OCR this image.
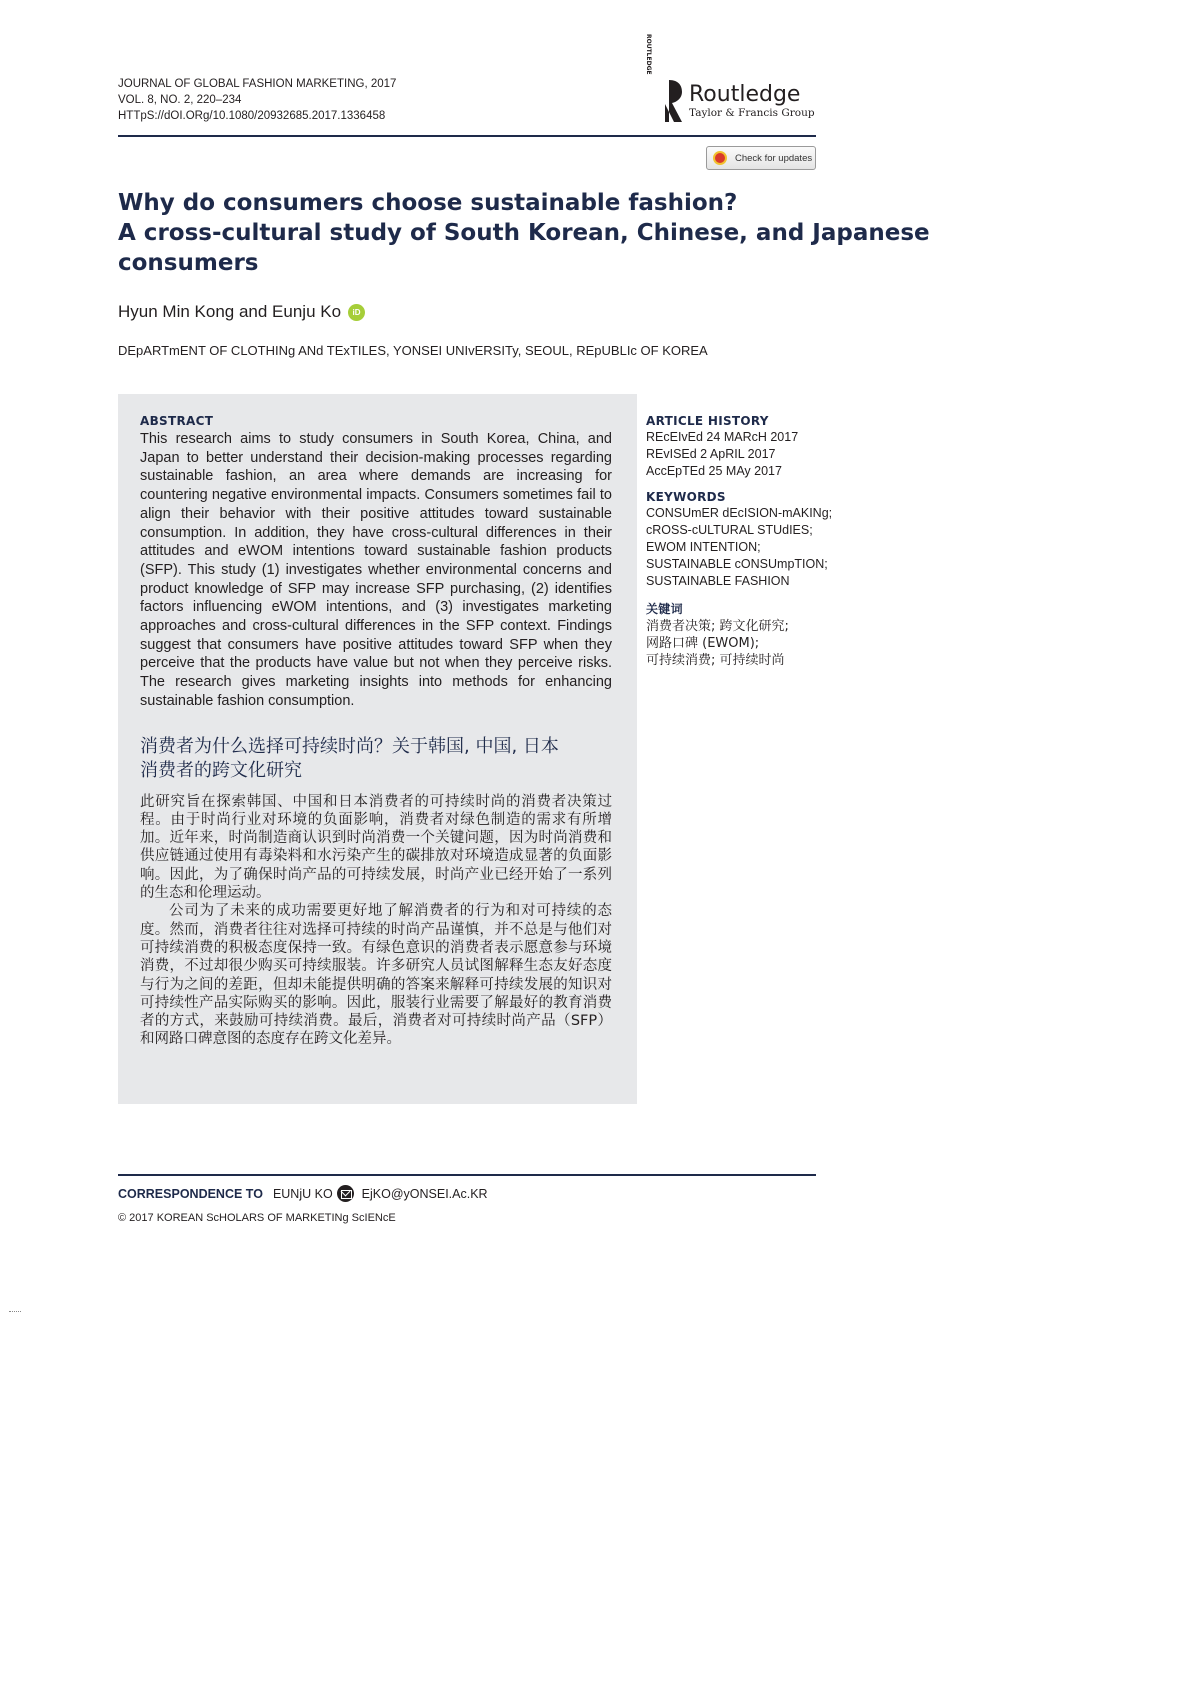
JOURNAL OF GLOBAL FASHION MARKETING, 2017
VOL. 8, NO. 2, 220–234
HTTpS://dOI.ORg/10.1080/20932685.2017.1336458
ROUTLEDGE
Routledge
Taylor & Francis Group
Check for updates
Why do consumers choose sustainable fashion?
A cross-cultural study of South Korean, Chinese, and Japanese
consumers
Hyun Min Kong and Eunju Ko	iD
DEpARTmENT OF CLOTHINg ANd TExTILES, YONSEI UNIvERSITy, SEOUL, REpUBLIc OF KOREA
ABSTRACT
This research aims to study consumers in South Korea, China, and Japan to better understand their decision-making processes regarding sustainable fashion, an area where demands are increasing for countering negative environmental impacts. Consumers sometimes fail to align their behavior with their positive attitudes toward sustainable consumption. In addition, they have cross-cultural differences in their attitudes and eWOM intentions toward sustainable fashion products (SFP). This study (1) investigates whether environmental concerns and product knowledge of SFP may increase SFP purchasing, (2) identifies factors influencing eWOM intentions, and (3) investigates marketing approaches and cross-cultural differences in the SFP context. Findings suggest that consumers have positive attitudes toward SFP when they perceive that the products have value but not when they perceive risks. The research gives marketing insights into methods for enhancing sustainable fashion consumption.
消费者为什么选择可持续时尚？关于韩国, 中国, 日本
消费者的跨文化研究

此研究旨在探索韩国、中国和日本消费者的可持续时尚的消费者决策过程。由于时尚行业对环境的负面影响，消费者对绿色制造的需求有所增加。近年来，时尚制造商认识到时尚消费一个关键问题，因为时尚消费和供应链通过使用有毒染料和水污染产生的碳排放对环境造成显著的负面影响。因此，为了确保时尚产品的可持续发展，时尚产业已经开始了一系列的生态和伦理运动。

公司为了未来的成功需要更好地了解消费者的行为和对可持续的态度。然而，消费者往往对选择可持续的时尚产品谨慎，并不总是与他们对可持续消费的积极态度保持一致。有绿色意识的消费者表示愿意参与环境消费，不过却很少购买可持续服装。许多研究人员试图解释生态友好态度与行为之间的差距，但却未能提供明确的答案来解释可持续发展的知识对可持续性产品实际购买的影响。因此，服装行业需要了解最好的教育消费者的方式，来鼓励可持续消费。最后，消费者对可持续时尚产品（SFP）和网路口碑意图的态度存在跨文化差异。

ARTICLE HISTORY
REcEIvEd 24 MARcH 2017
REvISEd 2 ApRIL 2017
AccEpTEd 25 MAy 2017
KEYWORDS
CONSUmER dEcISION-mAKINg; cROSS-cULTURAL STUdIES; EWOM INTENTION; SUSTAINABLE cONSUmpTION; SUSTAINABLE FASHION
关键词
消费者决策; 跨文化研究;
网路口碑 (EWOM);
可持续消费; 可持续时尚
CORRESPONDENCE TO EUNjU KO EjKO@yONSEI.Ac.KR
© 2017 KOREAN ScHOLARS OF MARKETINg ScIENcE
